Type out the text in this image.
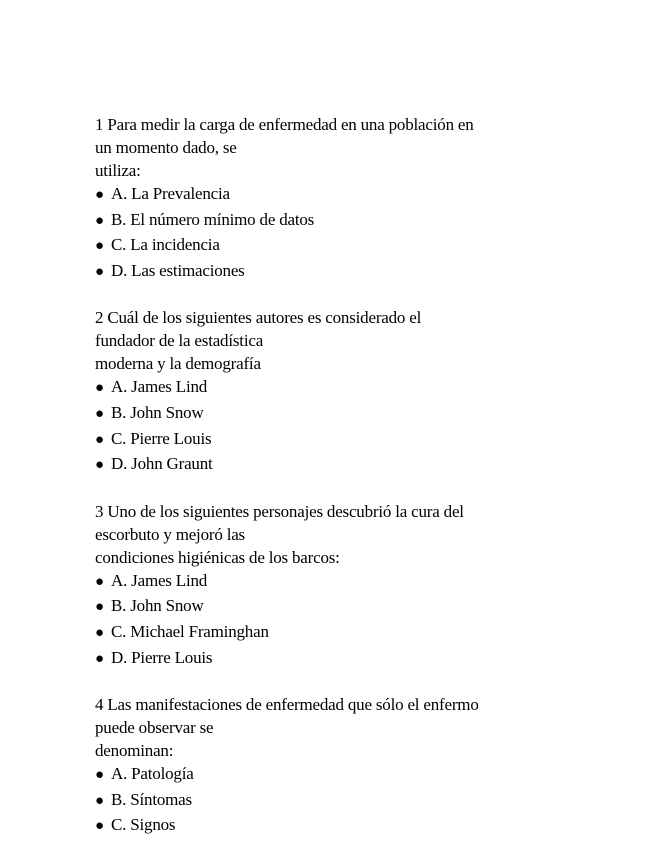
1 Para medir la carga de enfermedad en una población en
un momento dado, se
utiliza:
● A. La Prevalencia
● B. El número mínimo de datos
● C. La incidencia
● D. Las estimaciones
2 Cuál de los siguientes autores es considerado el
fundador de la estadística
moderna y la demografía
● A. James Lind
● B. John Snow
● C. Pierre Louis
● D. John Graunt
3 Uno de los siguientes personajes descubrió la cura del
escorbuto y mejoró las
condiciones higiénicas de los barcos:
● A. James Lind
● B. John Snow
● C. Michael Framinghan
● D. Pierre Louis
4 Las manifestaciones de enfermedad que sólo el enfermo
puede observar se
denominan:
● A. Patología
● B. Síntomas
● C. Signos
